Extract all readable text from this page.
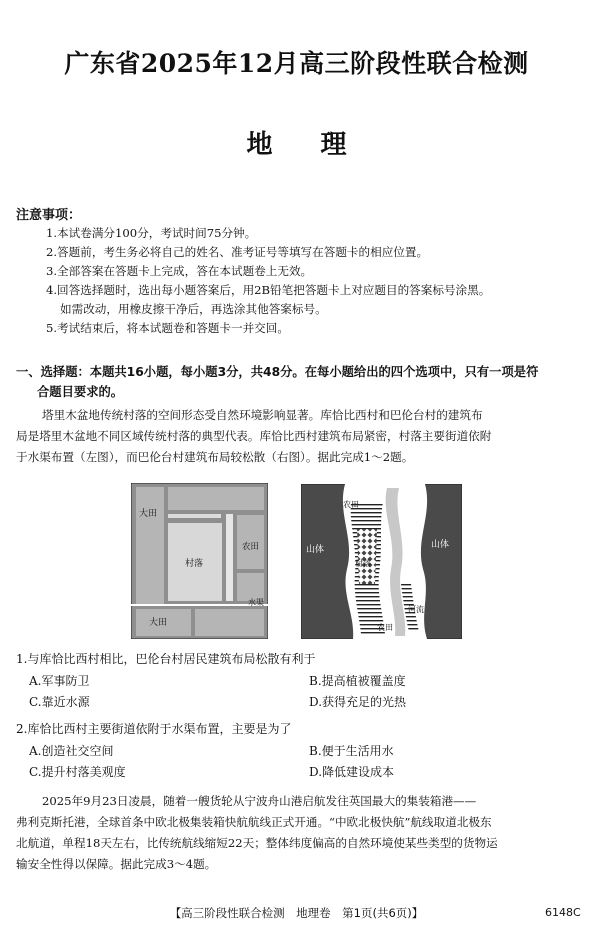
广东省2025年12月高三阶段性联合检测
地理
注意事项：
1.本试卷满分100分，考试时间75分钟。
2.答题前，考生务必将自己的姓名、准考证号等填写在答题卡的相应位置。
3.全部答案在答题卡上完成，答在本试题卷上无效。
4.回答选择题时，选出每小题答案后，用2B铅笔把答题卡上对应题目的答案标号涂黑。
如需改动，用橡皮擦干净后，再选涂其他答案标号。
5.考试结束后，将本试题卷和答题卡一并交回。
一、选择题：本题共16小题，每小题3分，共48分。在每小题给出的四个选项中，只有一项是符
合题目要求的。
塔里木盆地传统村落的空间形态受自然环境影响显著。库恰比西村和巴伦台村的建筑布
局是塔里木盆地不同区域传统村落的典型代表。库恰比西村建筑布局紧密，村落主要街道依附
于水渠布置（左图），而巴伦台村建筑布局较松散（右图）。据此完成1～2题。
大田
村落
农田
水渠
大田
农田
山体	山体
村落
河流
农田
1.与库恰比西村相比，巴伦台村居民建筑布局松散有利于
A.军事防卫	B.提高植被覆盖度
C.靠近水源	D.获得充足的光热
2.库恰比西村主要街道依附于水渠布置，主要是为了
A.创造社交空间	B.便于生活用水
C.提升村落美观度	D.降低建设成本
2025年9月23日凌晨，随着一艘货轮从宁波舟山港启航发往英国最大的集装箱港——
弗利克斯托港，全球首条中欧北极集装箱快航航线正式开通。“中欧北极快航”航线取道北极东
北航道，单程18天左右，比传统航线缩短22天；整体纬度偏高的自然环境使某些类型的货物运
输安全性得以保障。据此完成3～4题。
【高三阶段性联合检测　地理卷　第1页(共6页)】	6148C
